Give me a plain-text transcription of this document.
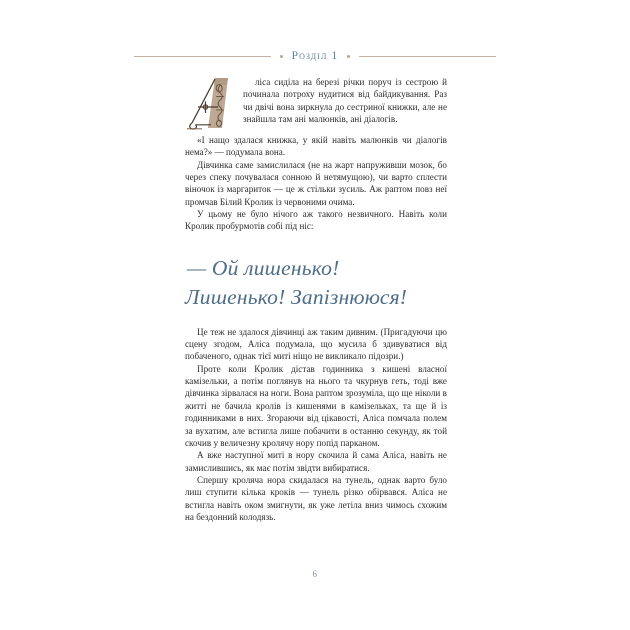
Розділ 1

ліса сиділа на березі річки поруч із сестрою й починала потроху нудитися від байдикування. Раз чи двічі вона зиркнула до сестриної книжки, але не знайшла там ані малюнків, ані діалогів.

«І нащо здалася книжка, у якій навіть малюнків чи діалогів нема?» — подумала вона.

Дівчинка саме замислилася (не на жарт напруживши мозок, бо через спеку почувалася сонною й нетямущою), чи варто сплести віночок із маргариток — це ж стільки зусиль. Аж раптом повз неї промчав Білий Кролик із червоними очима.

У цьому не було нічого аж такого незвичного. Навіть коли Кролик пробурмотів собі під ніс:

— Ой лишенько!
Лишенько! Запізнююся!

Це теж не здалося дівчинці аж таким дивним. (Пригадуючи цю сцену згодом, Аліса подумала, що мусила б здивуватися від побаченого, однак тієї миті ніщо не викликало підозри.)

Проте коли Кролик дістав годинника з кишені власної камізельки, а потім поглянув на нього та чкурнув геть, тоді вже дівчинка зірвалася на ноги. Вона раптом зрозуміла, що ще ніколи в житті не бачила кролів із кишенями в камізельках, та ще й із годинниками в них. Згораючи від цікавості, Аліса помчала полем за вухатим, але встигла лише побачити в останню секунду, як той скочив у величезну кролячу нору попід парканом.

А вже наступної миті в нору скочила й сама Аліса, навіть не замислившись, як має потім звідти вибиратися.

Спершу кроляча нора скидалася на тунель, однак варто було лиш ступити кілька кроків — тунель різко обірвався. Аліса не встигла навіть оком змигнути, як уже летіла вниз чимось схожим на бездонний колодязь.

6
